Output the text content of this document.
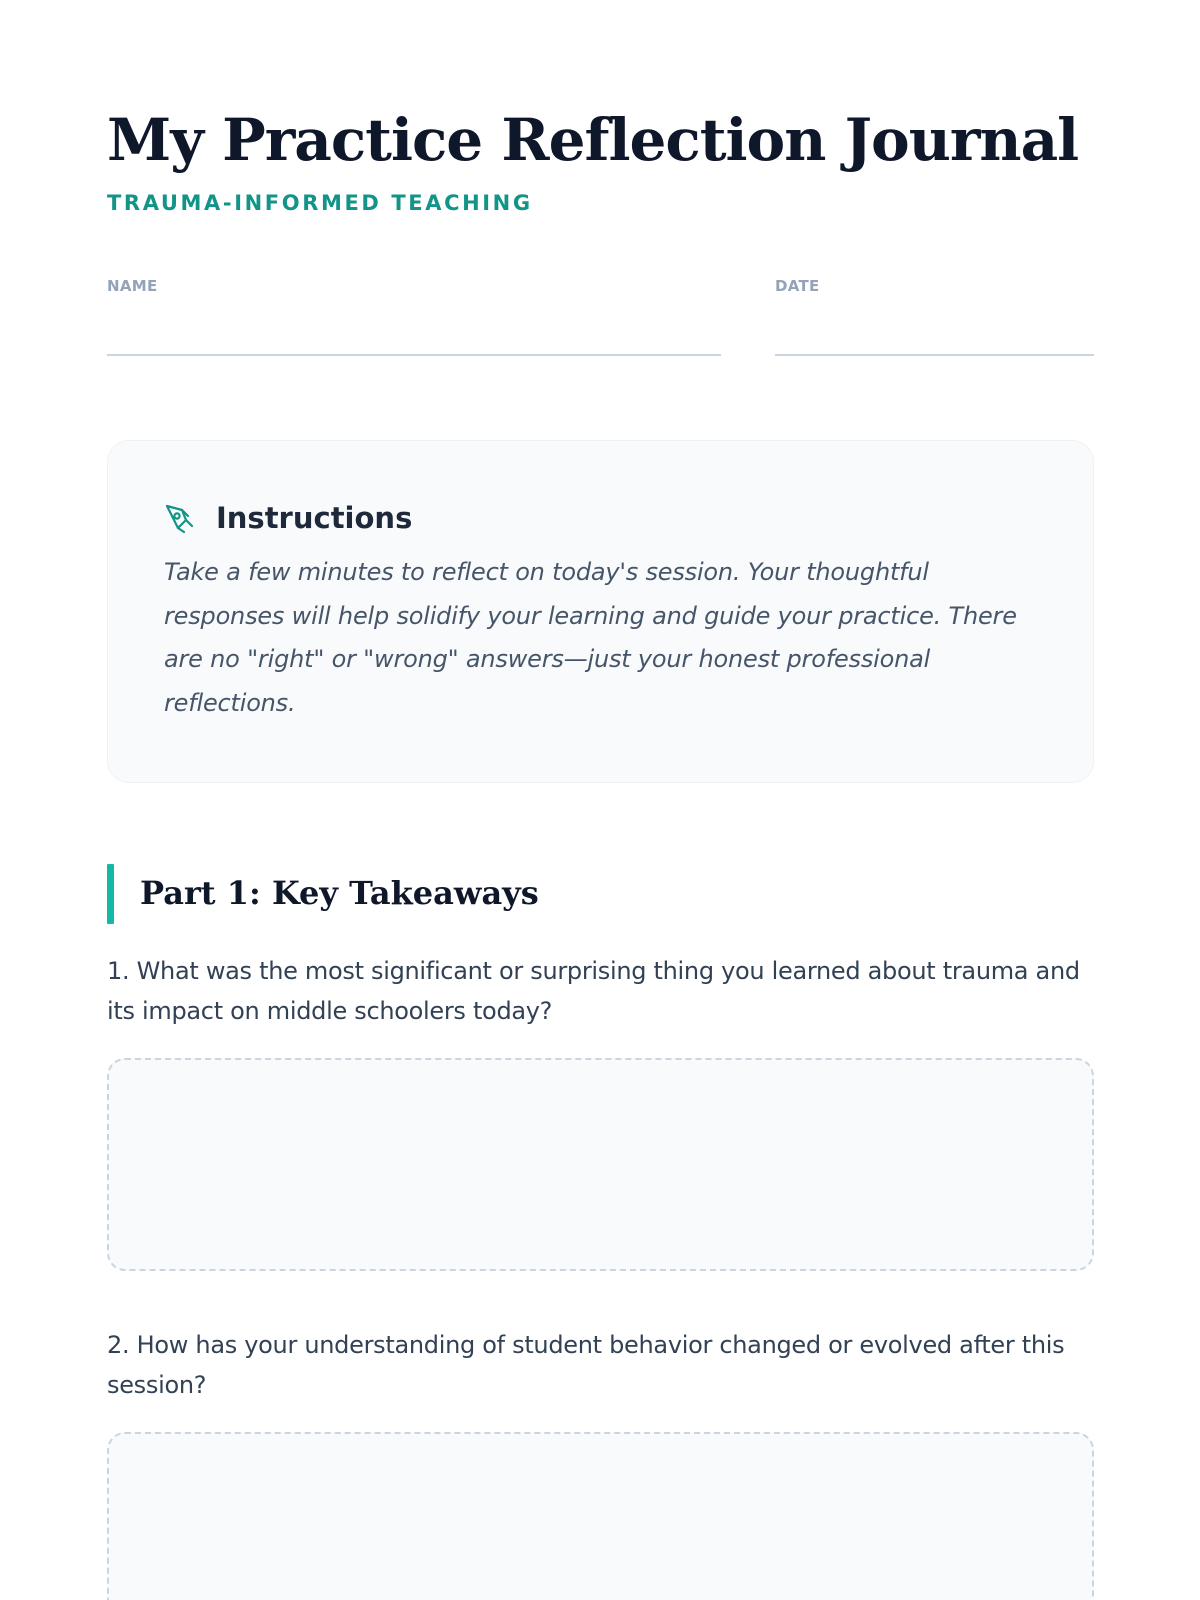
My Practice Reflection Journal
TRAUMA-INFORMED TEACHING
NAME	DATE
Instructions

Take a few minutes to reflect on today's session. Your thoughtful responses will help solidify your learning and guide your practice. There are no "right" or "wrong" answers—just your honest professional reflections.

Part 1: Key Takeaways

1. What was the most significant or surprising thing you learned about trauma and its impact on middle schoolers today?

2. How has your understanding of student behavior changed or evolved after this session?
